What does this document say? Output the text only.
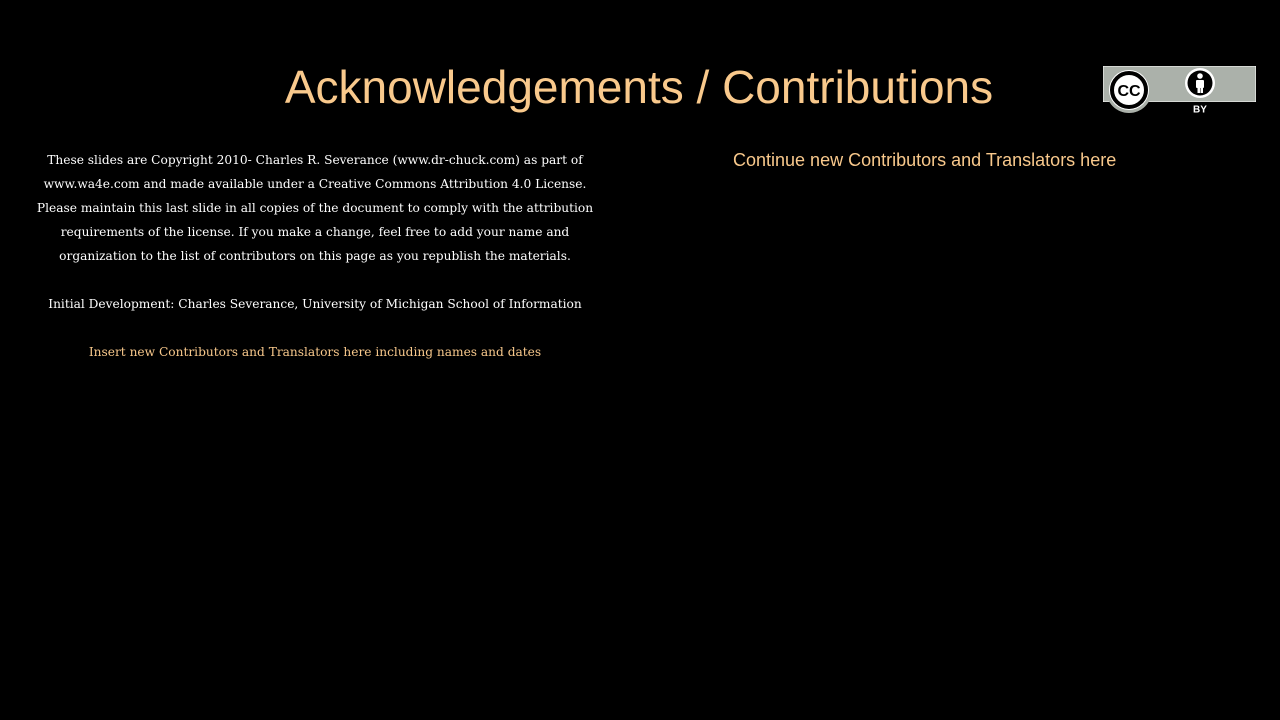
Acknowledgements / Contributions	CC
BY

These slides are Copyright 2010- Charles R. Severance (www.dr-chuck.com) as part of www.wa4e.com and made available under a Creative Commons Attribution 4.0 License. Please maintain this last slide in all copies of the document to comply with the attribution requirements of the license. If you make a change, feel free to add your name and organization to the list of contributors on this page as you republish the materials.

Initial Development: Charles Severance, University of Michigan School of Information

Insert new Contributors and Translators here including names and dates

Continue new Contributors and Translators here
